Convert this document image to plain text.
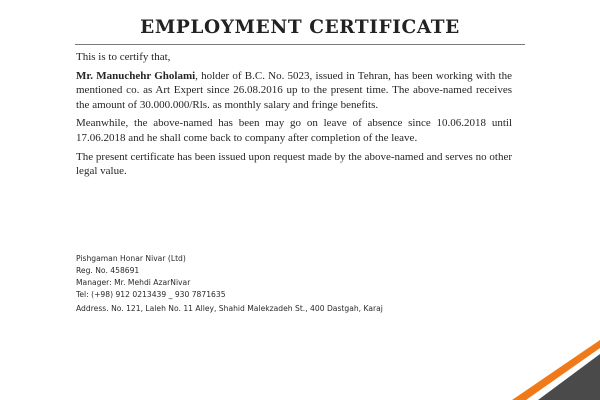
EMPLOYMENT CERTIFICATE

This is to certify that,

Mr. Manuchehr Gholami, holder of B.C. No. 5023, issued in Tehran, has been working with the mentioned co. as Art Expert since 26.08.2016 up to the present time. The above-named receives the amount of 30.000.000/Rls. as monthly salary and fringe benefits.

Meanwhile, the above-named has been may go on leave of absence since 10.06.2018 until 17.06.2018 and he shall come back to company after completion of the leave.

The present certificate has been issued upon request made by the above-named and serves no other legal value.

Pishgaman Honar Nivar (Ltd)
Reg. No. 458691
Manager: Mr. Mehdi AzarNivar
Tel: (+98) 912 0213439 _ 930 7871635
Address. No. 121, Laleh No. 11 Alley, Shahid Malekzadeh St., 400 Dastgah, Karaj
